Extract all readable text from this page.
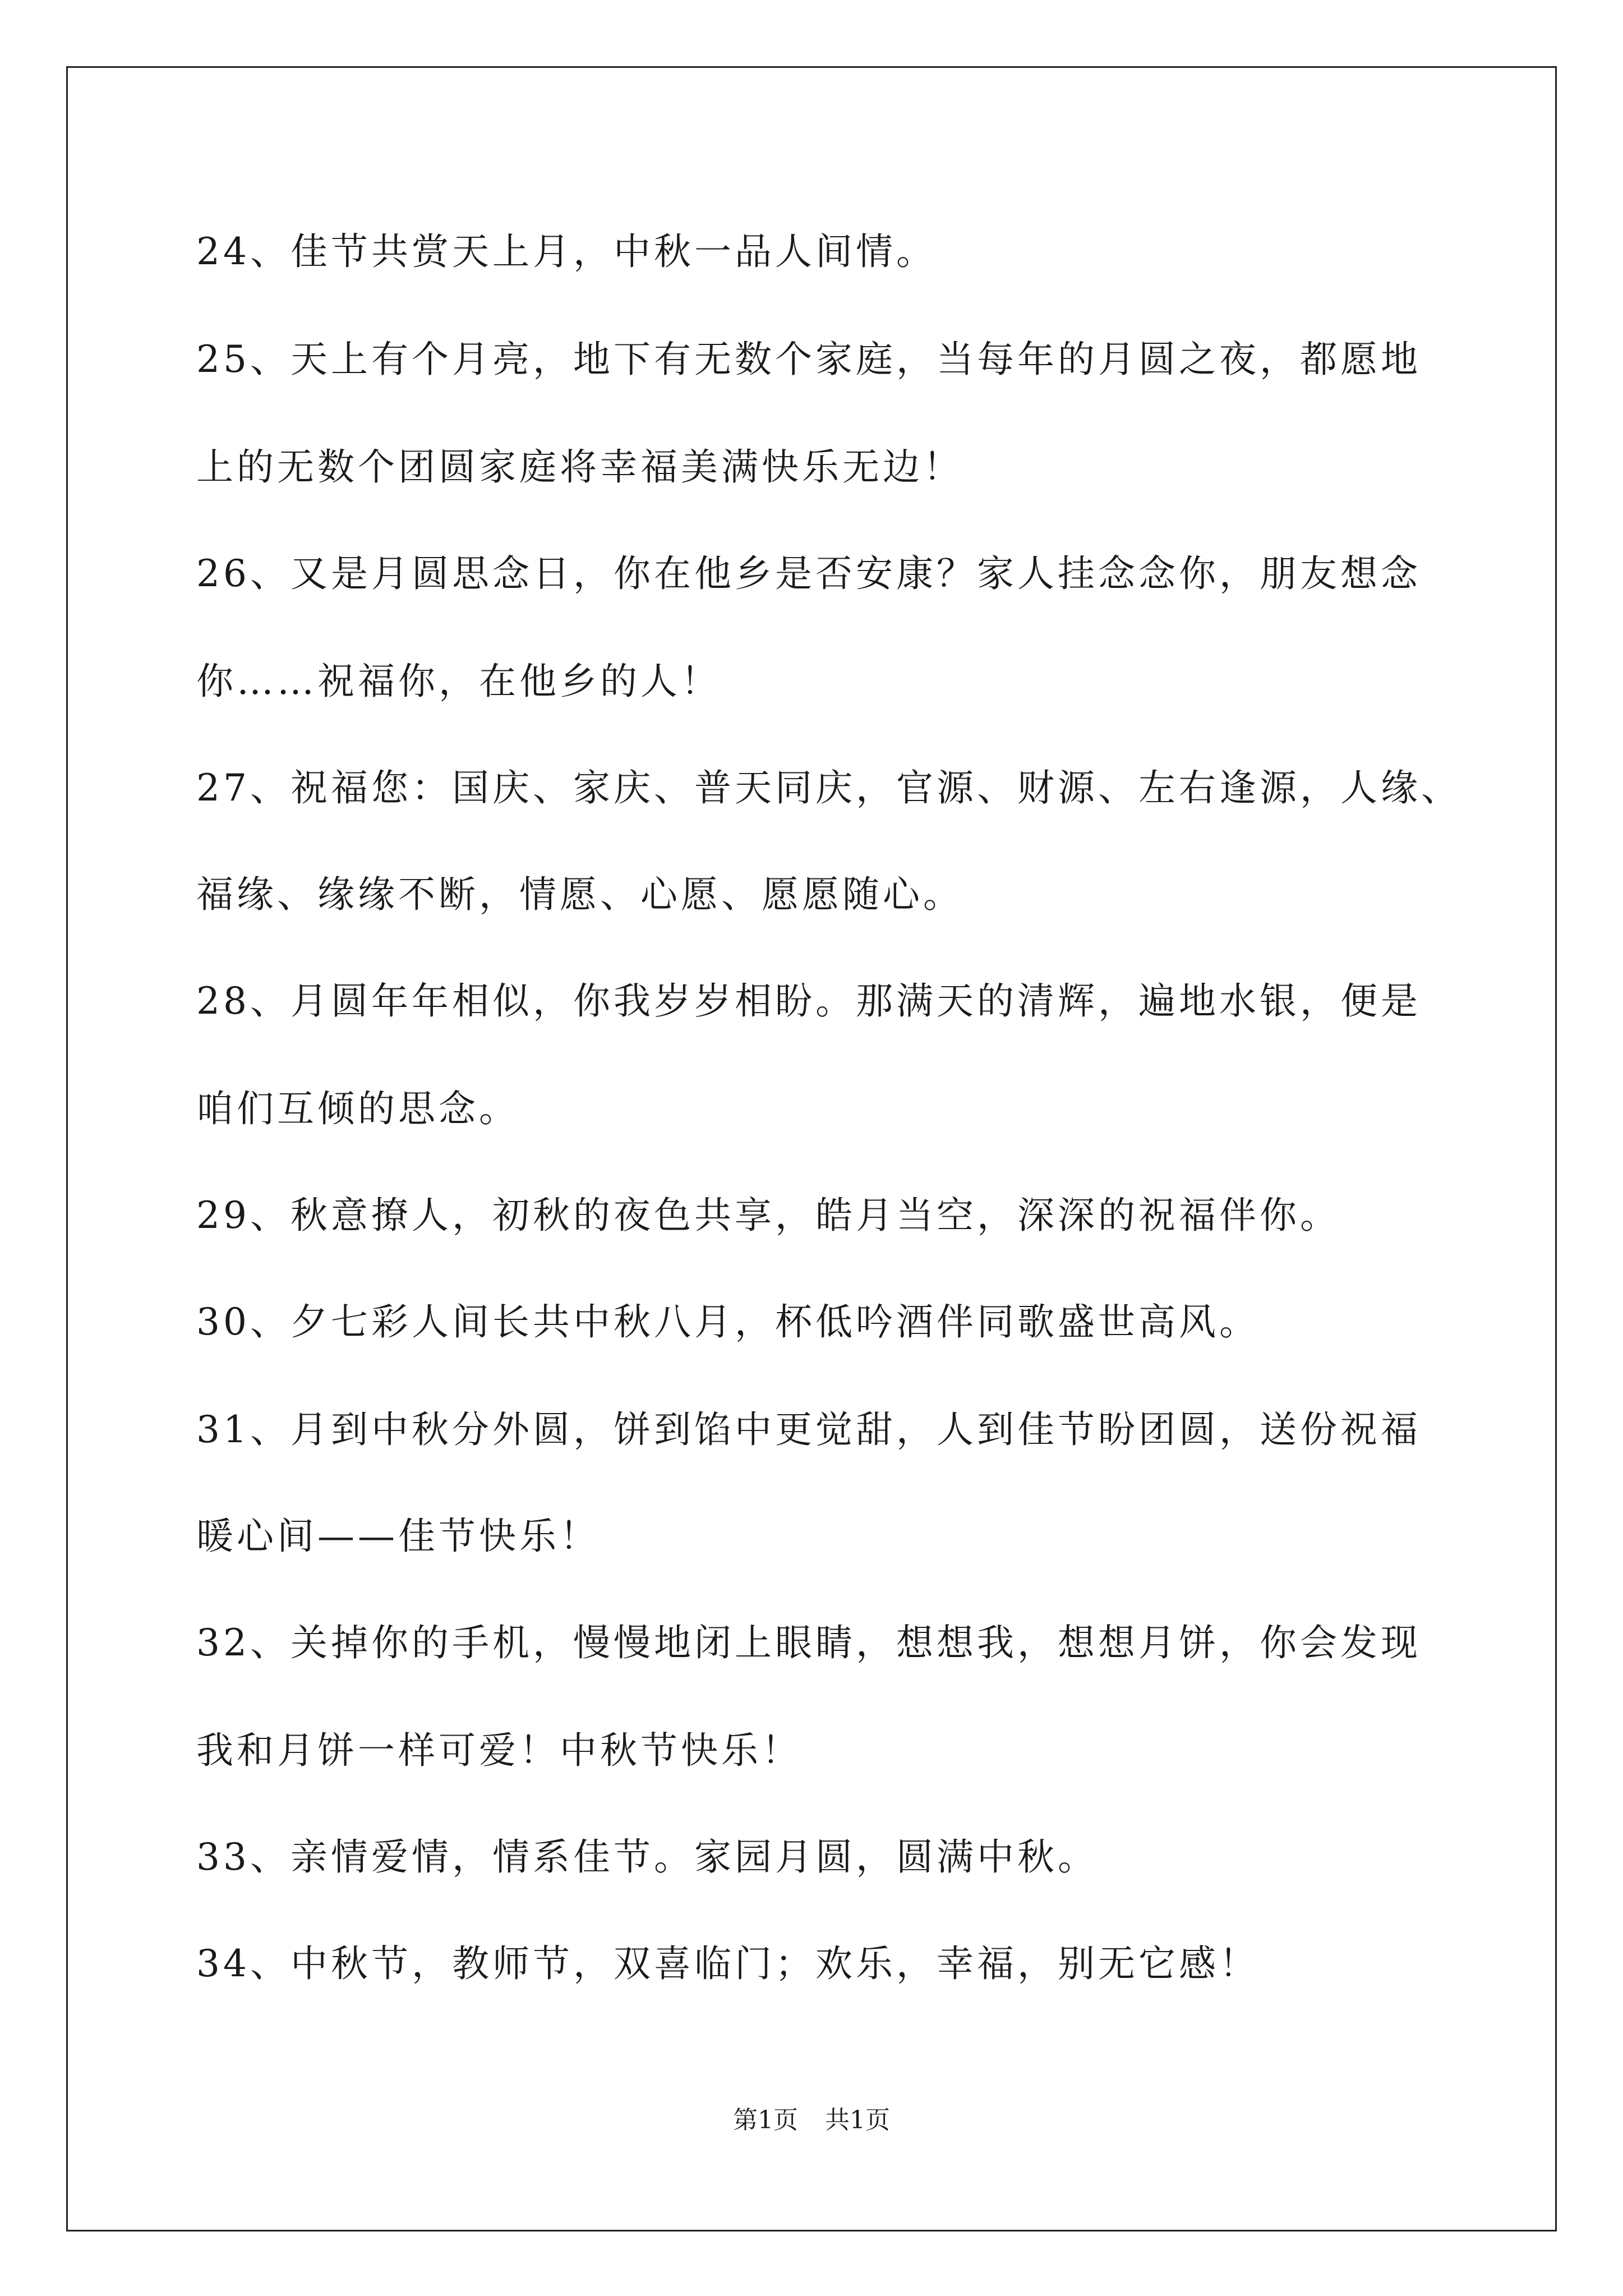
24、佳节共赏天上月，中秋一品人间情。
25、天上有个月亮，地下有无数个家庭，当每年的月圆之夜，都愿地
上的无数个团圆家庭将幸福美满快乐无边！
26、又是月圆思念日，你在他乡是否安康？家人挂念念你，朋友想念
你……祝福你，在他乡的人！
27、祝福您：国庆、家庆、普天同庆，官源、财源、左右逢源，人缘、
福缘、缘缘不断，情愿、心愿、愿愿随心。
28、月圆年年相似，你我岁岁相盼。那满天的清辉，遍地水银，便是
咱们互倾的思念。
29、秋意撩人，初秋的夜色共享，皓月当空，深深的祝福伴你。
30、夕七彩人间长共中秋八月，杯低吟酒伴同歌盛世高风。
31、月到中秋分外圆，饼到馅中更觉甜，人到佳节盼团圆，送份祝福
暖心间——佳节快乐！
32、关掉你的手机，慢慢地闭上眼睛，想想我，想想月饼，你会发现
我和月饼一样可爱！中秋节快乐！
33、亲情爱情，情系佳节。家园月圆，圆满中秋。
34、中秋节，教师节，双喜临门；欢乐，幸福，别无它感！
第1页 共1页
